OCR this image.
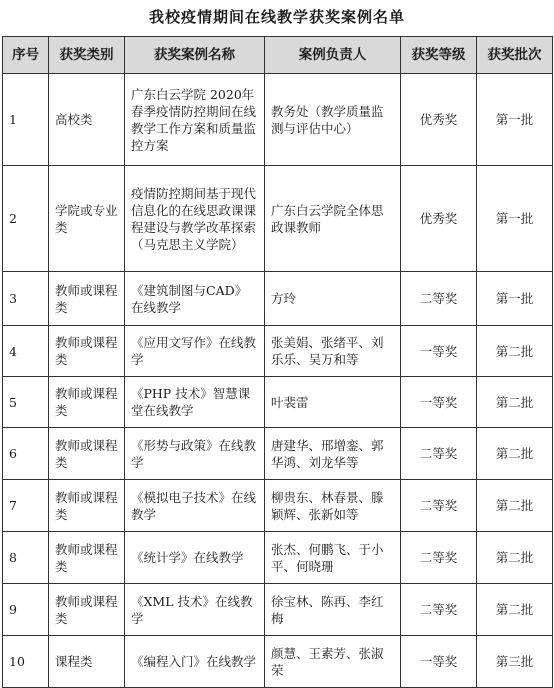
我校疫情期间在线教学获奖案例名单
序号	获奖类别	获奖案例名称	案例负责人	获奖等级	获奖批次
1	高校类	广东白云学院 2020年春季疫情防控期间在线教学工作方案和质量监控方案	教务处（教学质量监测与评估中心）	优秀奖	第一批
2	学院或专业类	疫情防控期间基于现代信息化的在线思政课课程建设与教学改革探索（马克思主义学院）	广东白云学院全体思政课教师	优秀奖	第一批
3	教师或课程类	《建筑制图与CAD》在线教学	方玲	二等奖	第一批
4	教师或课程类	《应用文写作》在线教学	张美娟、张绪平、刘乐乐、吴万和等	一等奖	第二批
5	教师或课程类	《PHP 技术》智慧课堂在线教学	叶裴雷	一等奖	第二批
6	教师或课程类	《形势与政策》在线教学	唐建华、邢增銮、郭华鸿、刘龙华等	二等奖	第二批
7	教师或课程类	《模拟电子技术》在线教学	柳贵东、林春景、滕颖辉、张新如等	二等奖	第二批
8	教师或课程类	《统计学》在线教学	张杰、何鹏飞、于小平、何晓珊	二等奖	第二批
9	教师或课程类	《XML 技术》在线教学	徐宝林、陈再、李红梅	二等奖	第二批
10	课程类	《编程入门》在线教学	颜慧、王素芳、张淑荣	一等奖	第三批
